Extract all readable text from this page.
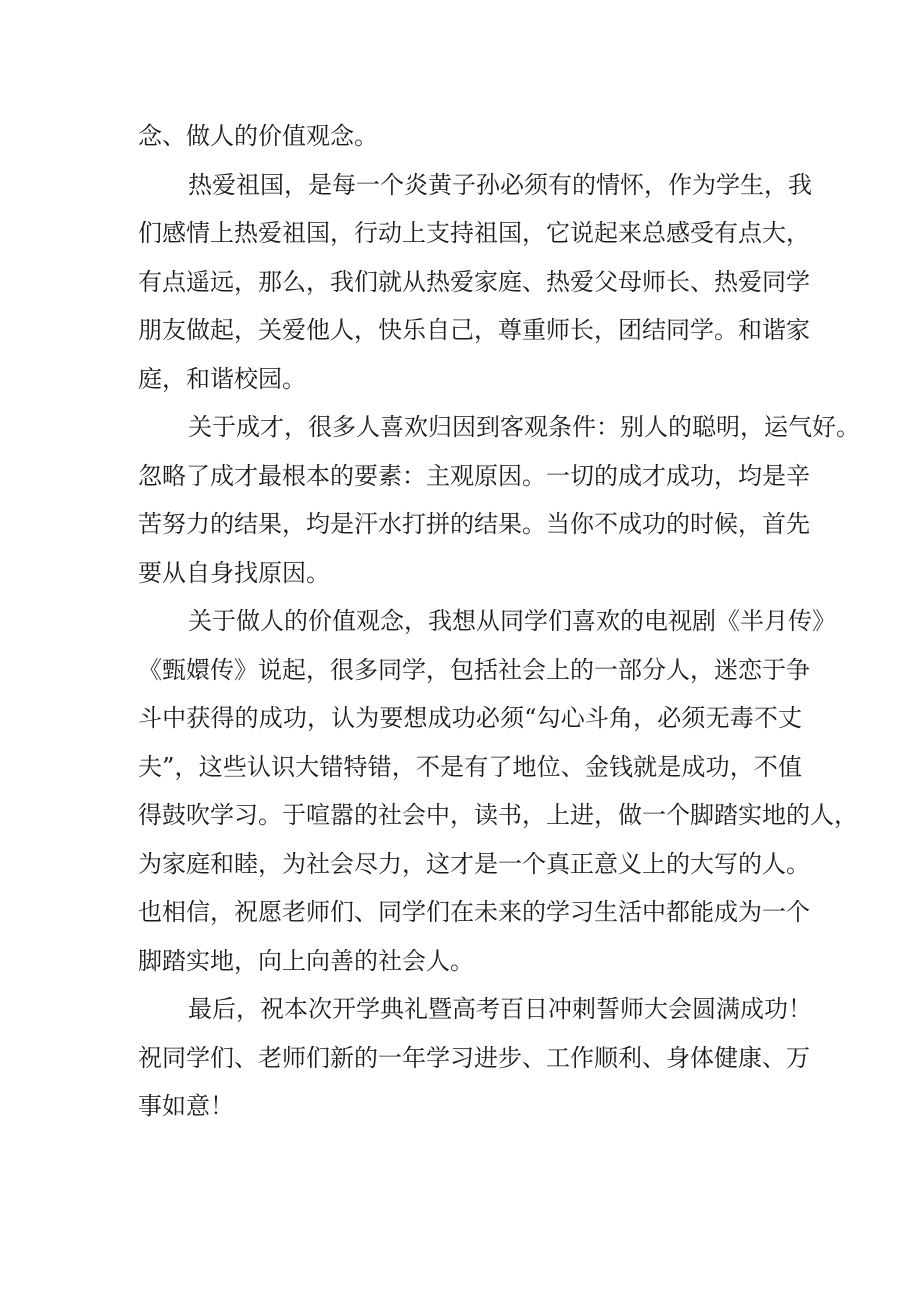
念、做人的价值观念。
热爱祖国，是每一个炎黄子孙必须有的情怀，作为学生，我
们感情上热爱祖国，行动上支持祖国，它说起来总感受有点大，
有点遥远，那么，我们就从热爱家庭、热爱父母师长、热爱同学
朋友做起，关爱他人，快乐自己，尊重师长，团结同学。和谐家
庭，和谐校园。
关于成才，很多人喜欢归因到客观条件：别人的聪明，运气好。
忽略了成才最根本的要素：主观原因。一切的成才成功，均是辛
苦努力的结果，均是汗水打拼的结果。当你不成功的时候，首先
要从自身找原因。
关于做人的价值观念，我想从同学们喜欢的电视剧《半月传》
《甄嬛传》说起，很多同学，包括社会上的一部分人，迷恋于争
斗中获得的成功，认为要想成功必须“勾心斗角，必须无毒不丈
夫”，这些认识大错特错，不是有了地位、金钱就是成功，不值
得鼓吹学习。于喧嚣的社会中，读书，上进，做一个脚踏实地的人，
为家庭和睦，为社会尽力，这才是一个真正意义上的大写的人。
也相信，祝愿老师们、同学们在未来的学习生活中都能成为一个
脚踏实地，向上向善的社会人。
最后，祝本次开学典礼暨高考百日冲刺誓师大会圆满成功！
祝同学们、老师们新的一年学习进步、工作顺利、身体健康、万
事如意！
